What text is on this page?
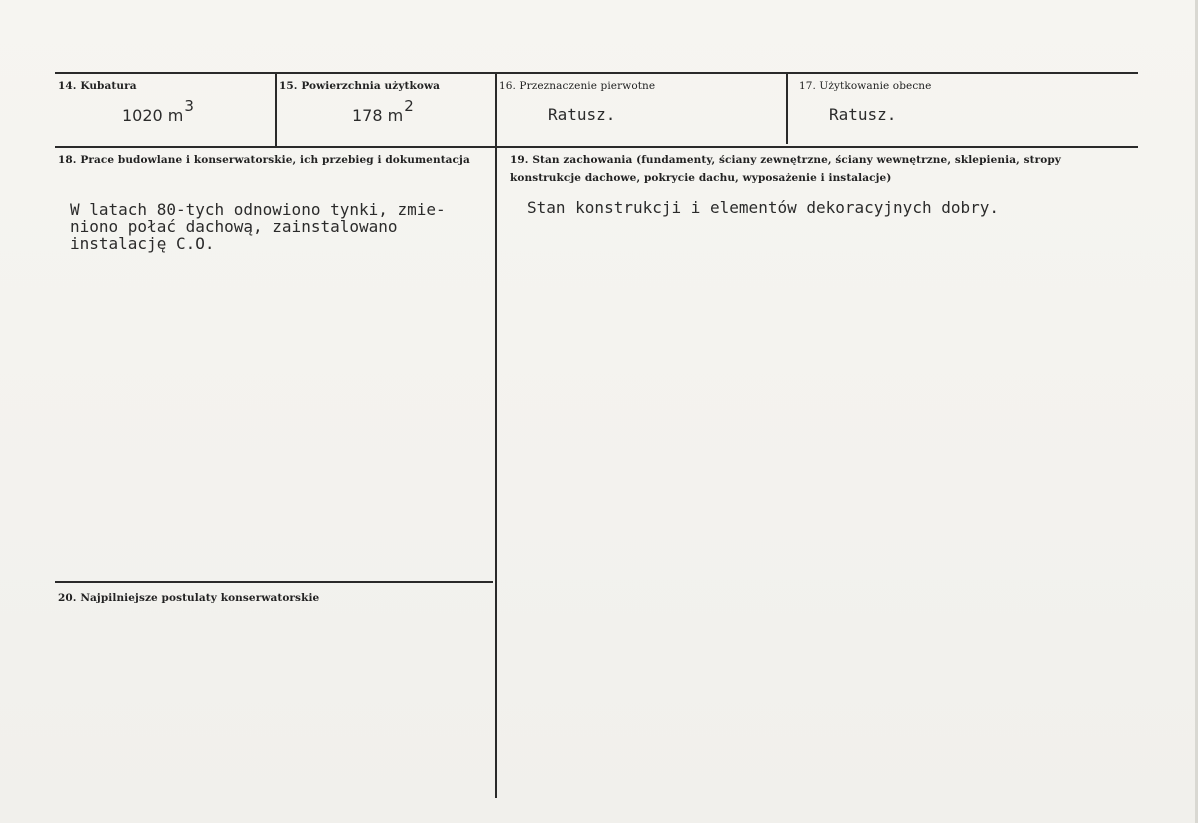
14. Kubatura
1020 m3
15. Powierzchnia użytkowa
178 m2
16. Przeznaczenie pierwotne
Ratusz.
17. Użytkowanie obecne
Ratusz.
18. Prace budowlane i konserwatorskie, ich przebieg i dokumentacja
W latach 80-tych odnowiono tynki, zmie-
niono połać dachową, zainstalowano
instalację C.O.
19. Stan zachowania (fundamenty, ściany zewnętrzne, ściany wewnętrzne, sklepienia, stropy
konstrukcje dachowe, pokrycie dachu, wyposażenie i instalacje)
Stan konstrukcji i elementów dekoracyjnych dobry.
20. Najpilniejsze postulaty konserwatorskie
